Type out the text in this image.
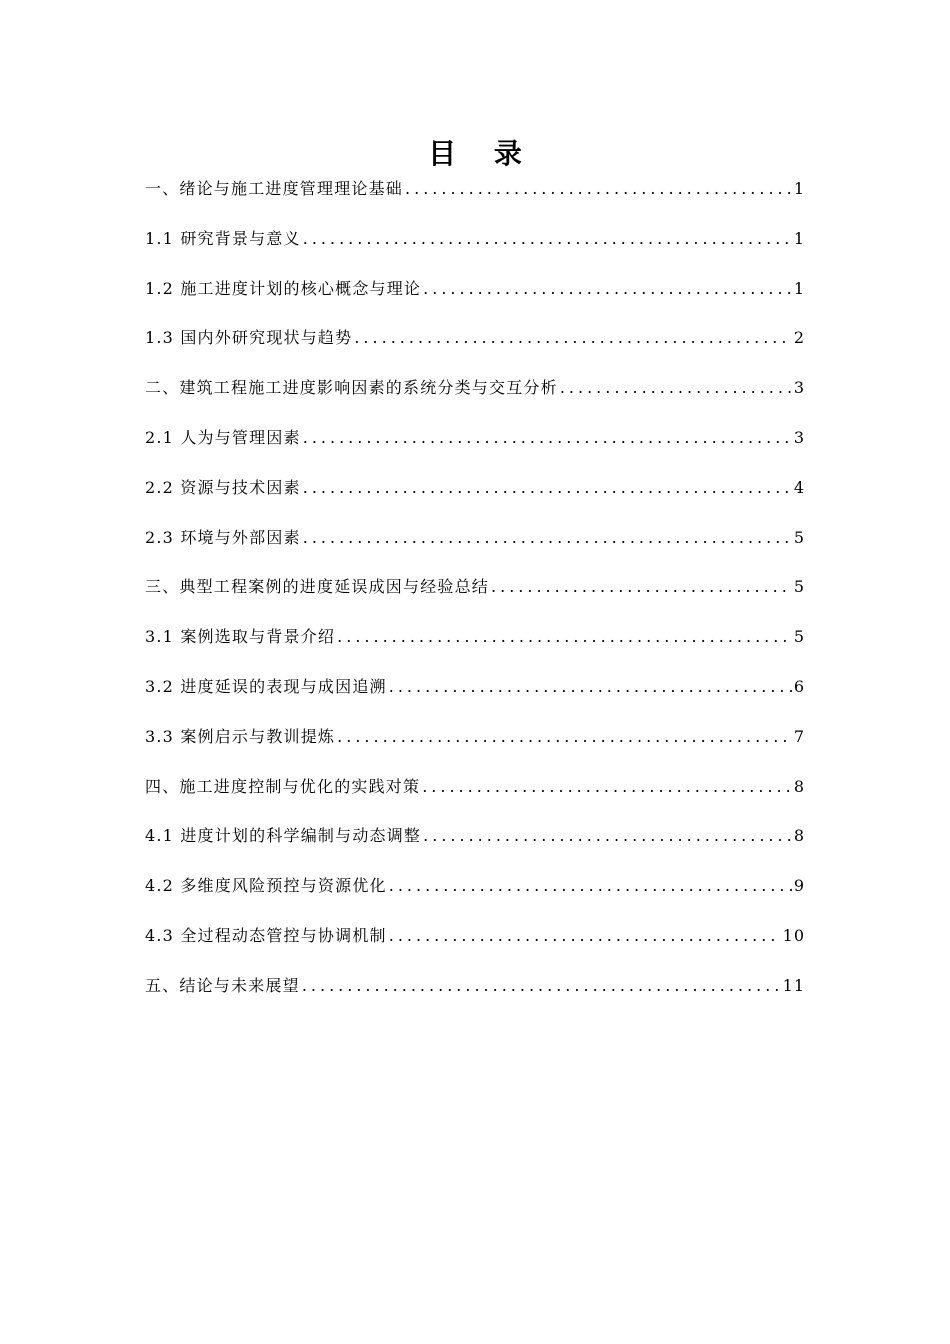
目 录
一、绪论与施工进度管理理论基础 .....	1
1.1 研究背景与意义 .....	1
1.2 施工进度计划的核心概念与理论 .....	1
1.3 国内外研究现状与趋势 .....	2
二、建筑工程施工进度影响因素的系统分类与交互分析 .....	3
2.1 人为与管理因素 .....	3
2.2 资源与技术因素 .....	4
2.3 环境与外部因素 .....	5
三、典型工程案例的进度延误成因与经验总结 .....	5
3.1 案例选取与背景介绍 .....	5
3.2 进度延误的表现与成因追溯 .....	6
3.3 案例启示与教训提炼 .....	7
四、施工进度控制与优化的实践对策 .....	8
4.1 进度计划的科学编制与动态调整 .....	8
4.2 多维度风险预控与资源优化 .....	9
4.3 全过程动态管控与协调机制 .....	10
五、结论与未来展望 .....	11
